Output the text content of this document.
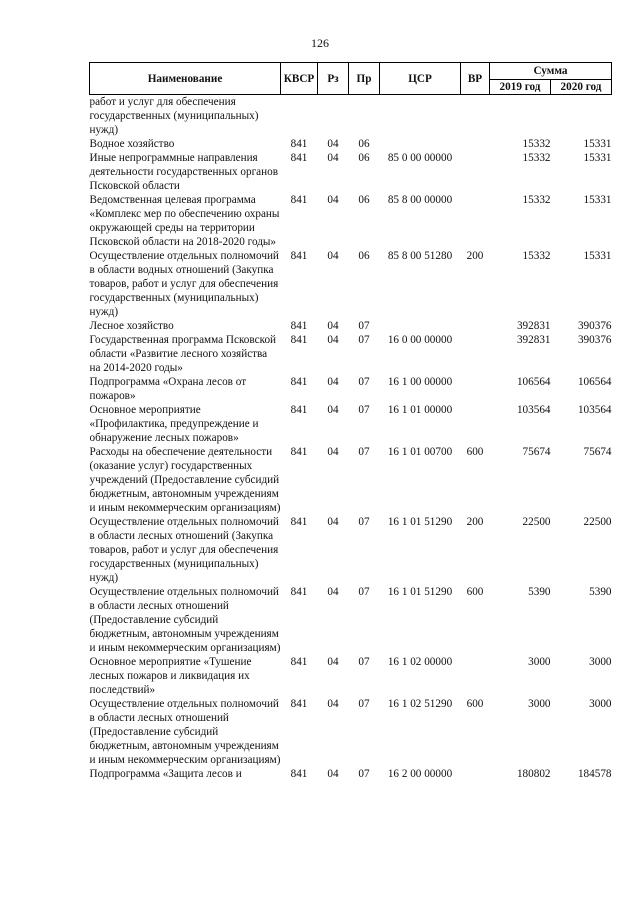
126
Наименование	КВСР	Рз	Пр	ЦСР	ВР	Сумма	
						2019 год	2020 год
работ и услуг для обеспечения государственных (муниципальных) нужд)							
Водное хозяйство	841	04	06			15332	15331
Иные непрограммные направления деятельности государственных органов Псковской области	841	04	06	85 0 00 00000		15332	15331
Ведомственная целевая программа «Комплекс мер по обеспечению охраны окружающей среды на территории Псковской области на 2018-2020 годы»	841	04	06	85 8 00 00000		15332	15331
Осуществление отдельных полномочий в области водных отношений (Закупка товаров, работ и услуг для обеспечения государственных (муниципальных) нужд)	841	04	06	85 8 00 51280	200	15332	15331
Лесное хозяйство	841	04	07			392831	390376
Государственная программа Псковской области «Развитие лесного хозяйства на 2014-2020 годы»	841	04	07	16 0 00 00000		392831	390376
Подпрограмма «Охрана лесов от пожаров»	841	04	07	16 1 00 00000		106564	106564
Основное мероприятие «Профилактика, предупреждение и обнаружение лесных пожаров»	841	04	07	16 1 01 00000		103564	103564
Расходы на обеспечение деятельности (оказание услуг) государственных учреждений (Предоставление субсидий бюджетным, автономным учреждениям и иным некоммерческим организациям)	841	04	07	16 1 01 00700	600	75674	75674
Осуществление отдельных полномочий в области лесных отношений (Закупка товаров, работ и услуг для обеспечения государственных (муниципальных) нужд)	841	04	07	16 1 01 51290	200	22500	22500
Осуществление отдельных полномочий в области лесных отношений (Предоставление субсидий бюджетным, автономным учреждениям и иным некоммерческим организациям)	841	04	07	16 1 01 51290	600	5390	5390
Основное мероприятие «Тушение лесных пожаров и ликвидация их последствий»	841	04	07	16 1 02 00000		3000	3000
Осуществление отдельных полномочий в области лесных отношений (Предоставление субсидий бюджетным, автономным учреждениям и иным некоммерческим организациям)	841	04	07	16 1 02 51290	600	3000	3000
Подпрограмма «Защита лесов и	841	04	07	16 2 00 00000		180802	184578
